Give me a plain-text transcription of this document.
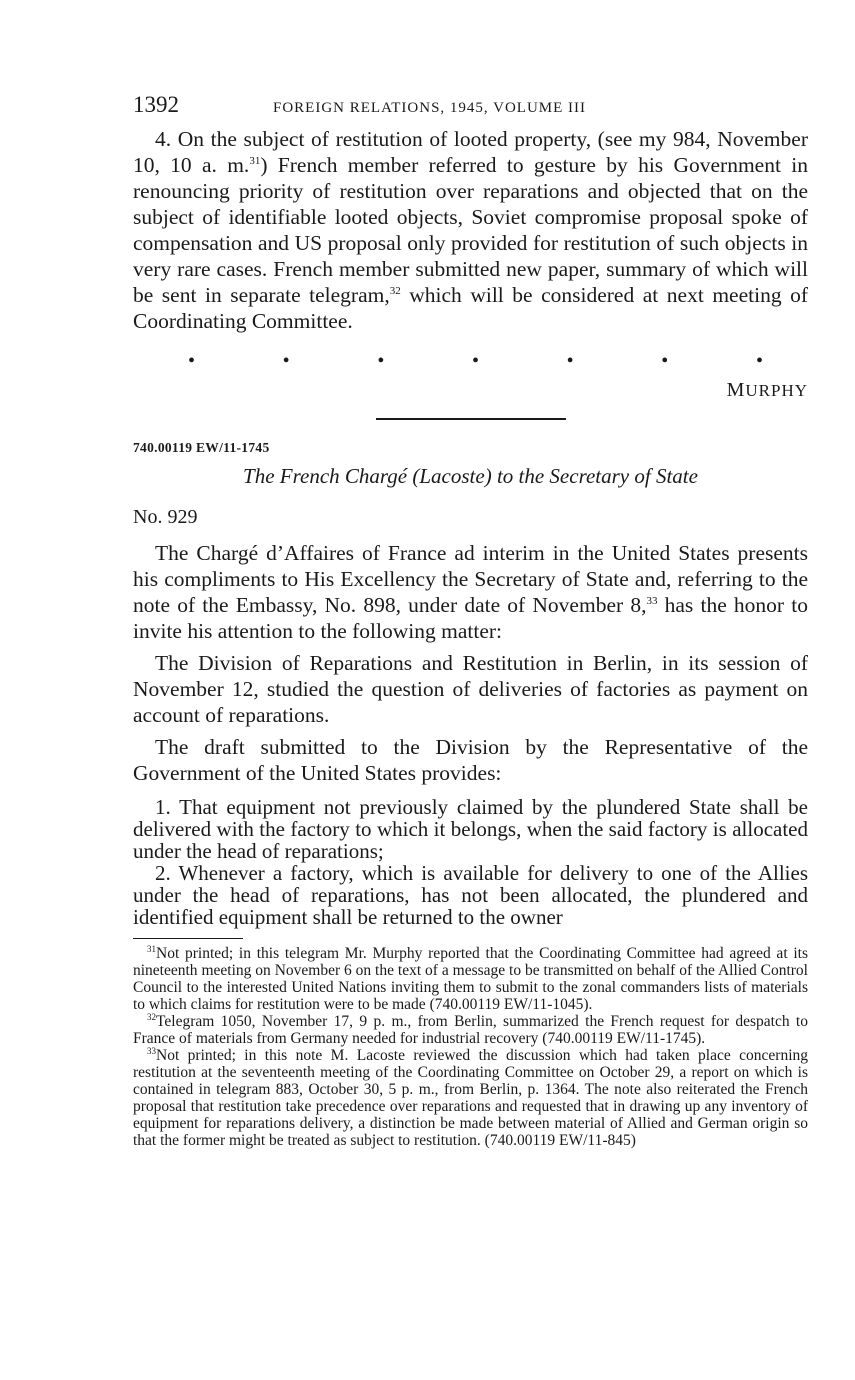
1392	FOREIGN RELATIONS, 1945, VOLUME III

4. On the subject of restitution of looted property, (see my 984, November 10, 10 a. m.$^{31}$) French member referred to gesture by his Government in renouncing priority of restitution over reparations and objected that on the subject of identifiable looted objects, Soviet compromise proposal spoke of compensation and US proposal only provided for restitution of such objects in very rare cases. French member submitted new paper, summary of which will be sent in separate telegram,$^{32}$ which will be considered at next meeting of Coordinating Committee.

•	•	•	•	•	•	•
MURPHY
740.00119 EW/11-1745
The French Chargé (Lacoste) to the Secretary of State
No. 929

The Chargé d’Affaires of France ad interim in the United States presents his compliments to His Excellency the Secretary of State and, referring to the note of the Embassy, No. 898, under date of November 8,33 has the honor to invite his attention to the following matter:

The Division of Reparations and Restitution in Berlin, in its session of November 12, studied the question of deliveries of factories as payment on account of reparations.

The draft submitted to the Division by the Representative of the Government of the United States provides:

1. That equipment not previously claimed by the plundered State shall be delivered with the factory to which it belongs, when the said factory is allocated under the head of reparations;

2. Whenever a factory, which is available for delivery to one of the Allies under the head of reparations, has not been allocated, the plundered and identified equipment shall be returned to the owner

$^{31}$Not printed; in this telegram Mr. Murphy reported that the Coordinating Committee had agreed at its nineteenth meeting on November 6 on the text of a message to be transmitted on behalf of the Allied Control Council to the interested United Nations inviting them to submit to the zonal commanders lists of materials to which claims for restitution were to be made (740.00119 EW/11-1045).

$^{32}$Telegram 1050, November 17, 9 p. m., from Berlin, summarized the French request for despatch to France of materials from Germany needed for industrial recovery (740.00119 EW/11-1745).

$^{33}$Not printed; in this note M. Lacoste reviewed the discussion which had taken place concerning restitution at the seventeenth meeting of the Coordinating Committee on October 29, a report on which is contained in telegram 883, October 30, 5 p. m., from Berlin, p. 1364. The note also reiterated the French proposal that restitution take precedence over reparations and requested that in drawing up any inventory of equipment for reparations delivery, a distinction be made between material of Allied and German origin so that the former might be treated as subject to restitution. (740.00119 EW/11-845)
